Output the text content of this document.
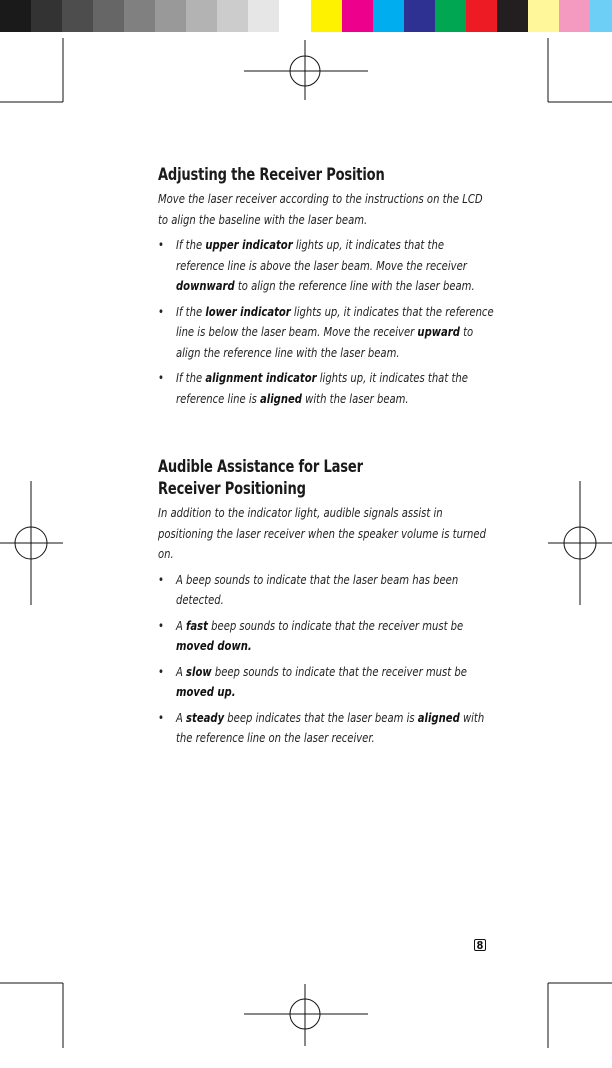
Adjusting the Receiver Position

Move the laser receiver according to the instructions on the LCD to align the baseline with the laser beam.

• If the upper indicator lights up, it indicates that the reference line is above the laser beam. Move the receiver downward to align the reference line with the laser beam.
• If the lower indicator lights up, it indicates that the reference line is below the laser beam. Move the receiver upward to align the reference line with the laser beam.
• If the alignment indicator lights up, it indicates that the reference line is aligned with the laser beam.
Audible Assistance for Laser
Receiver Positioning

In addition to the indicator light, audible signals assist in positioning the laser receiver when the speaker volume is turned on.

• A beep sounds to indicate that the laser beam has been detected.
• A fast beep sounds to indicate that the receiver must be moved down.
• A slow beep sounds to indicate that the receiver must be moved up.
• A steady beep indicates that the laser beam is aligned with the reference line on the laser receiver.
8
